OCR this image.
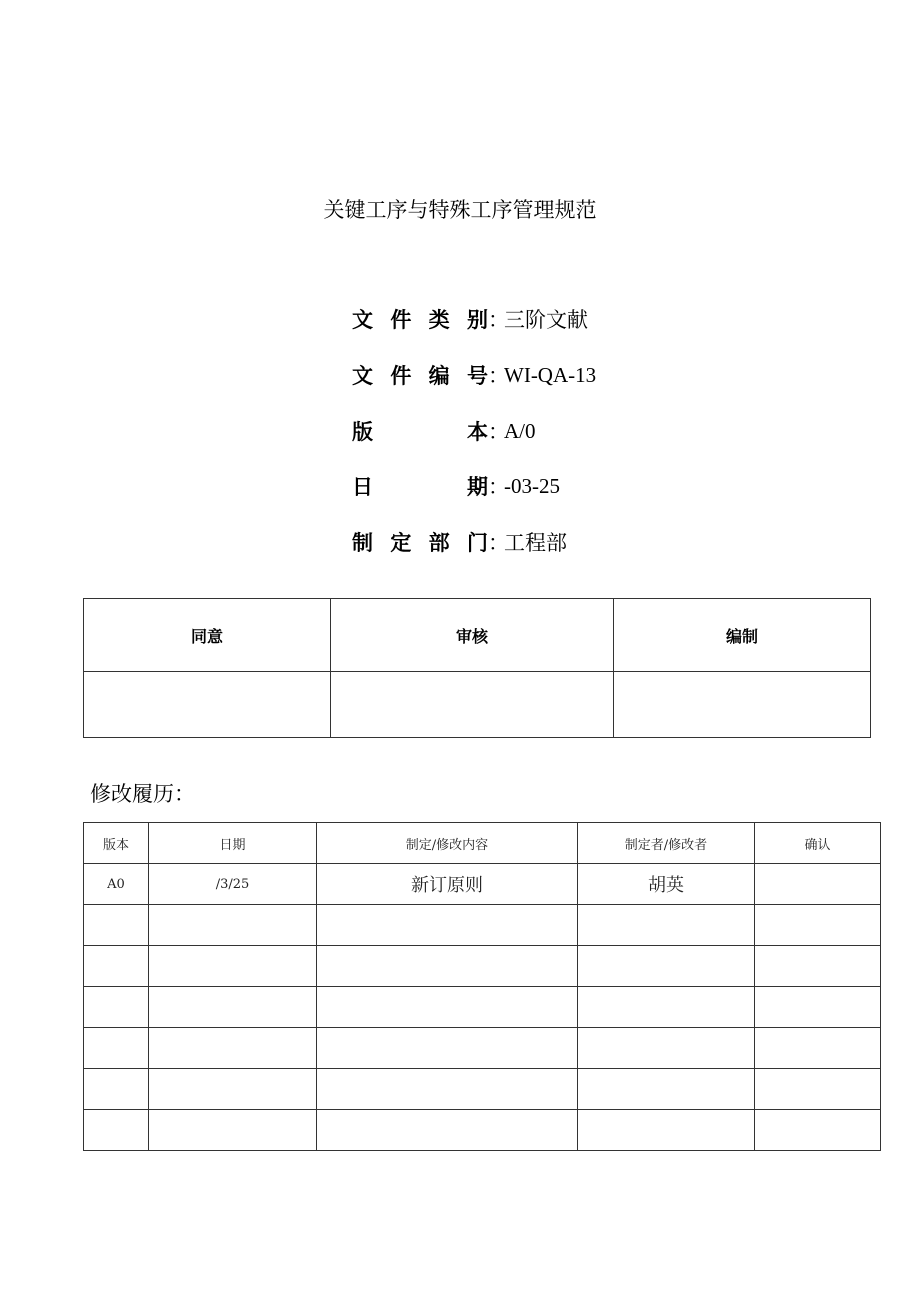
关键工序与特殊工序管理规范
文 件 类 别 ：
三阶文献
文 件 编 号 ：
WI-QA-13
版	本 ：
A/0
日	期 ：
-03-25
制 定 部 门 ：
工程部
同意	审核	编制

修改履历：
版本	日期	制定/修改内容	制定者/修改者	确认
A0	/3/25	新订原则	胡英	
